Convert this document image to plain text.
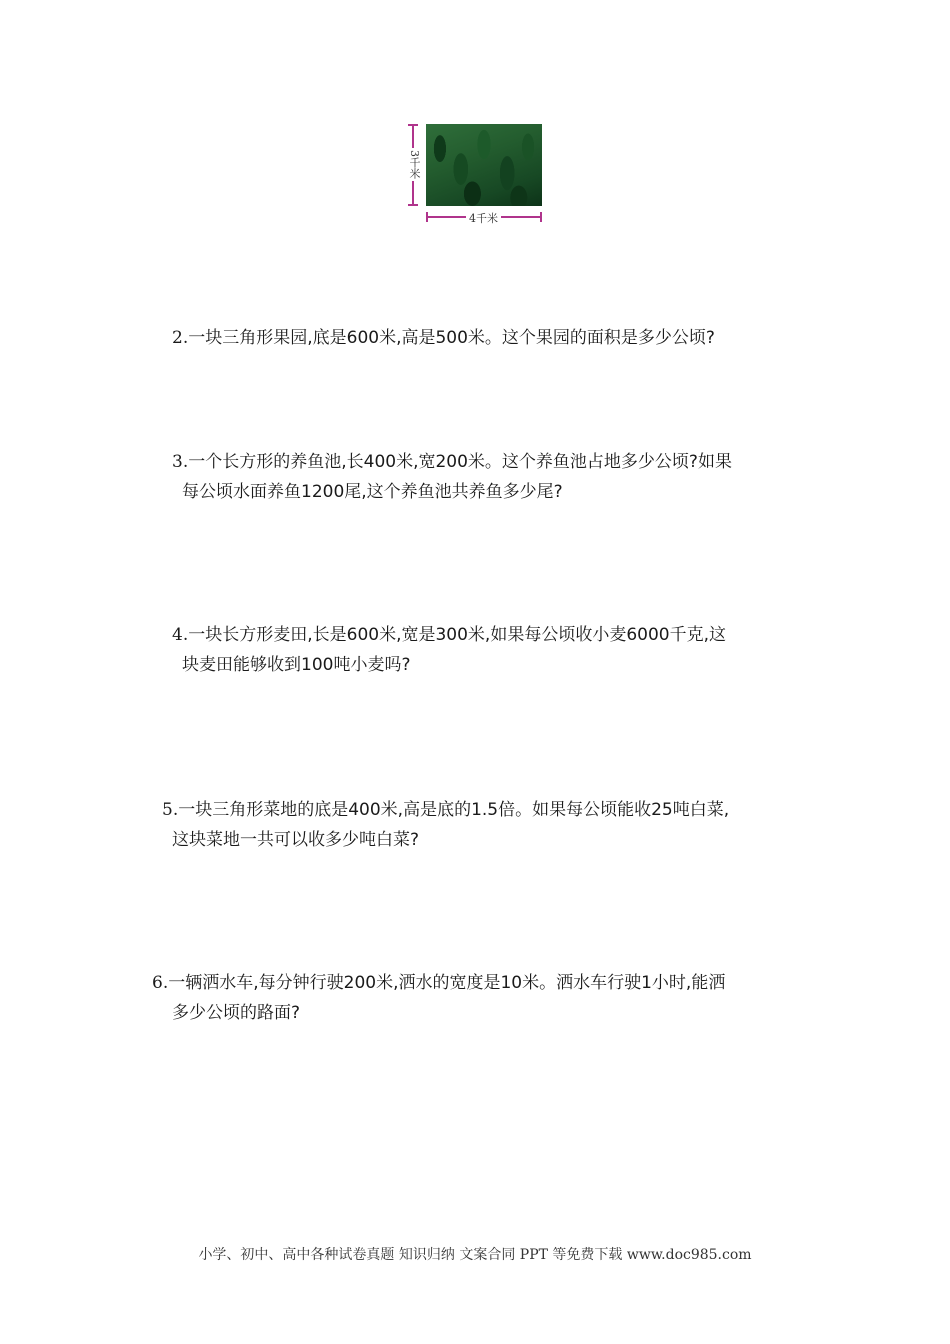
3千米
4千米
2.一块三角形果园,底是600米,高是500米。这个果园的面积是多少公顷?
3.一个长方形的养鱼池,长400米,宽200米。这个养鱼池占地多少公顷?如果
每公顷水面养鱼1200尾,这个养鱼池共养鱼多少尾?
4.一块长方形麦田,长是600米,宽是300米,如果每公顷收小麦6000千克,这
块麦田能够收到100吨小麦吗?
5.一块三角形菜地的底是400米,高是底的1.5倍。如果每公顷能收25吨白菜,
这块菜地一共可以收多少吨白菜?
6.一辆洒水车,每分钟行驶200米,洒水的宽度是10米。洒水车行驶1小时,能洒
多少公顷的路面?
小学、初中、高中各种试卷真题 知识归纳 文案合同 PPT 等免费下载 www.doc985.com
